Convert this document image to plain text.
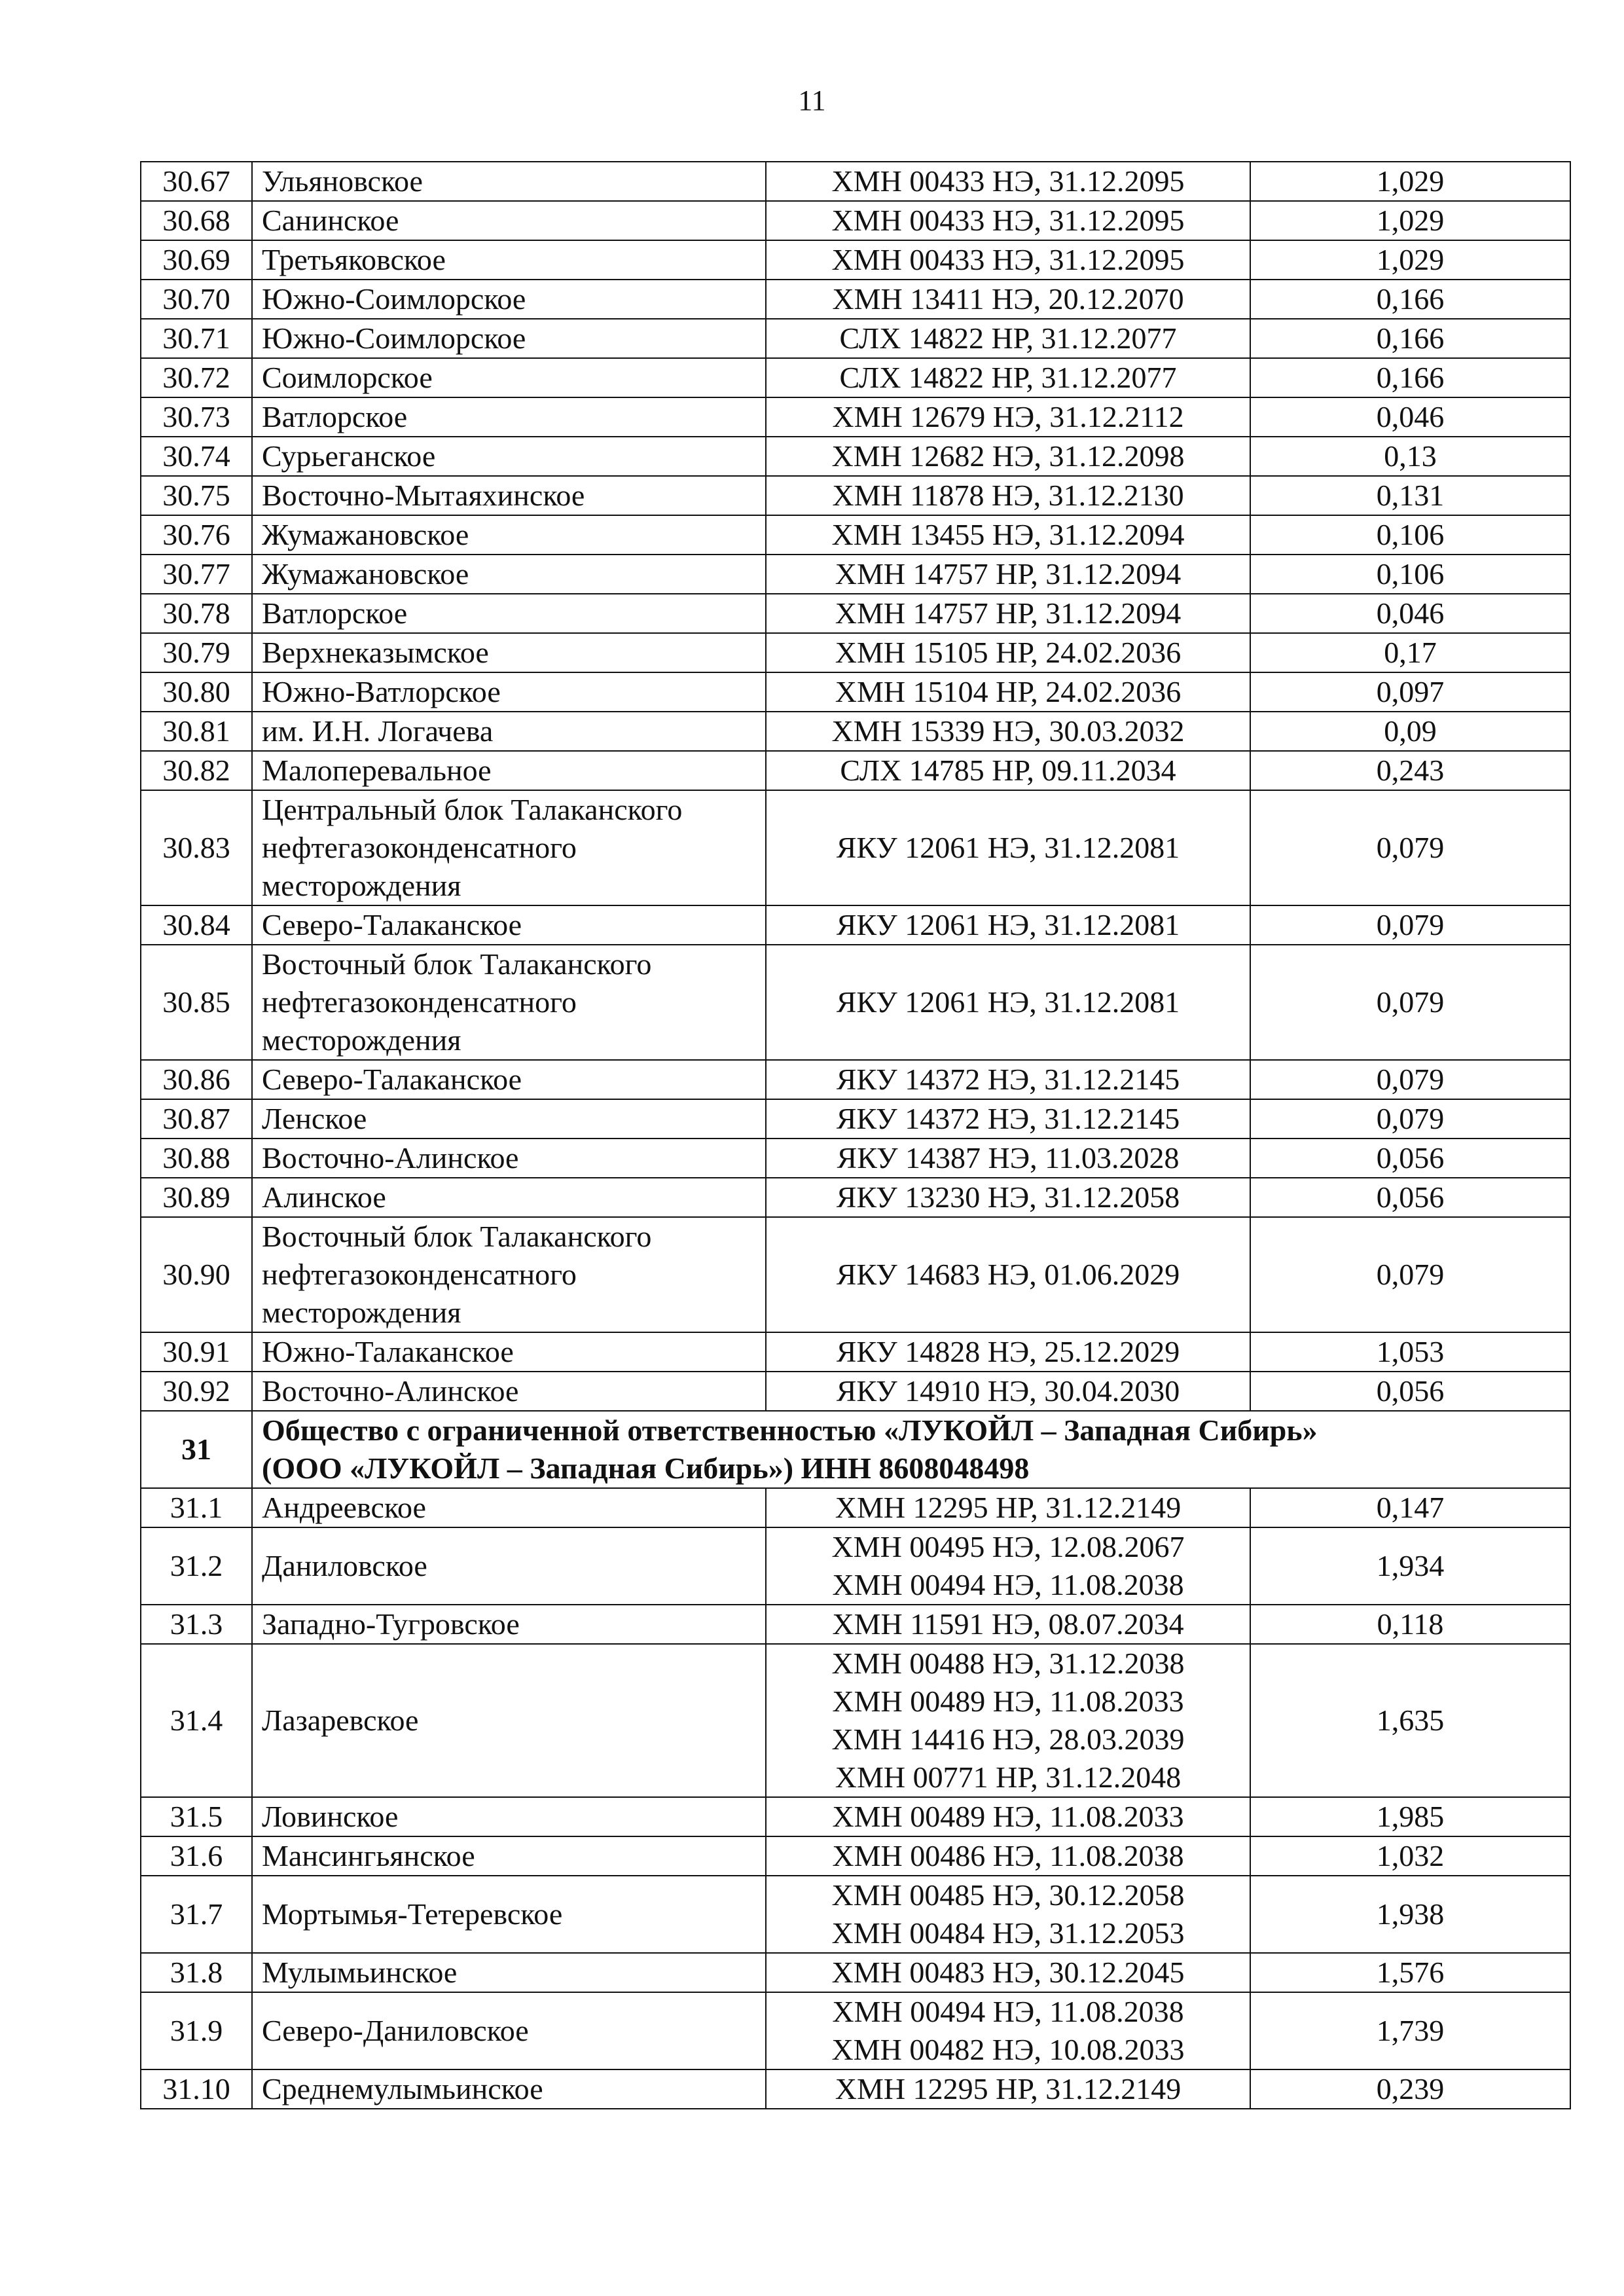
11
30.67	Ульяновское	ХМН 00433 НЭ, 31.12.2095	1,029
30.68	Санинское	ХМН 00433 НЭ, 31.12.2095	1,029
30.69	Третьяковское	ХМН 00433 НЭ, 31.12.2095	1,029
30.70	Южно-Соимлорское	ХМН 13411 НЭ, 20.12.2070	0,166
30.71	Южно-Соимлорское	СЛХ 14822 НР, 31.12.2077	0,166
30.72	Соимлорское	СЛХ 14822 НР, 31.12.2077	0,166
30.73	Ватлорское	ХМН 12679 НЭ, 31.12.2112	0,046
30.74	Сурьеганское	ХМН 12682 НЭ, 31.12.2098	0,13
30.75	Восточно-Мытаяхинское	ХМН 11878 НЭ, 31.12.2130	0,131
30.76	Жумажановское	ХМН 13455 НЭ, 31.12.2094	0,106
30.77	Жумажановское	ХМН 14757 НР, 31.12.2094	0,106
30.78	Ватлорское	ХМН 14757 НР, 31.12.2094	0,046
30.79	Верхнеказымское	ХМН 15105 НР, 24.02.2036	0,17
30.80	Южно-Ватлорское	ХМН 15104 НР, 24.02.2036	0,097
30.81	им. И.Н. Логачева	ХМН 15339 НЭ, 30.03.2032	0,09
30.82	Малоперевальное	СЛХ 14785 НР, 09.11.2034	0,243
30.83	Центральный блок Талаканского
нефтегазоконденсатного
месторождения	ЯКУ 12061 НЭ, 31.12.2081	0,079
30.84	Северо-Талаканское	ЯКУ 12061 НЭ, 31.12.2081	0,079
30.85	Восточный блок Талаканского
нефтегазоконденсатного
месторождения	ЯКУ 12061 НЭ, 31.12.2081	0,079
30.86	Северо-Талаканское	ЯКУ 14372 НЭ, 31.12.2145	0,079
30.87	Ленское	ЯКУ 14372 НЭ, 31.12.2145	0,079
30.88	Восточно-Алинское	ЯКУ 14387 НЭ, 11.03.2028	0,056
30.89	Алинское	ЯКУ 13230 НЭ, 31.12.2058	0,056
30.90	Восточный блок Талаканского
нефтегазоконденсатного
месторождения	ЯКУ 14683 НЭ, 01.06.2029	0,079
30.91	Южно-Талаканское	ЯКУ 14828 НЭ, 25.12.2029	1,053
30.92	Восточно-Алинское	ЯКУ 14910 НЭ, 30.04.2030	0,056
31	Общество с ограниченной ответственностью «ЛУКОЙЛ – Западная Сибирь»
(ООО «ЛУКОЙЛ – Западная Сибирь») ИНН 8608048498		

31.1	Андреевское	ХМН 12295 НР, 31.12.2149	0,147
31.2	Даниловское	ХМН 00495 НЭ, 12.08.2067
ХМН 00494 НЭ, 11.08.2038	1,934
31.3	Западно-Тугровское	ХМН 11591 НЭ, 08.07.2034	0,118
31.4	Лазаревское	ХМН 00488 НЭ, 31.12.2038
ХМН 00489 НЭ, 11.08.2033
ХМН 14416 НЭ, 28.03.2039
ХМН 00771 НР, 31.12.2048	1,635
31.5	Ловинское	ХМН 00489 НЭ, 11.08.2033	1,985
31.6	Мансингьянское	ХМН 00486 НЭ, 11.08.2038	1,032
31.7	Мортымья-Тетеревское	ХМН 00485 НЭ, 30.12.2058
ХМН 00484 НЭ, 31.12.2053	1,938
31.8	Мулымьинское	ХМН 00483 НЭ, 30.12.2045	1,576
31.9	Северо-Даниловское	ХМН 00494 НЭ, 11.08.2038
ХМН 00482 НЭ, 10.08.2033	1,739
31.10	Среднемулымьинское	ХМН 12295 НР, 31.12.2149	0,239
